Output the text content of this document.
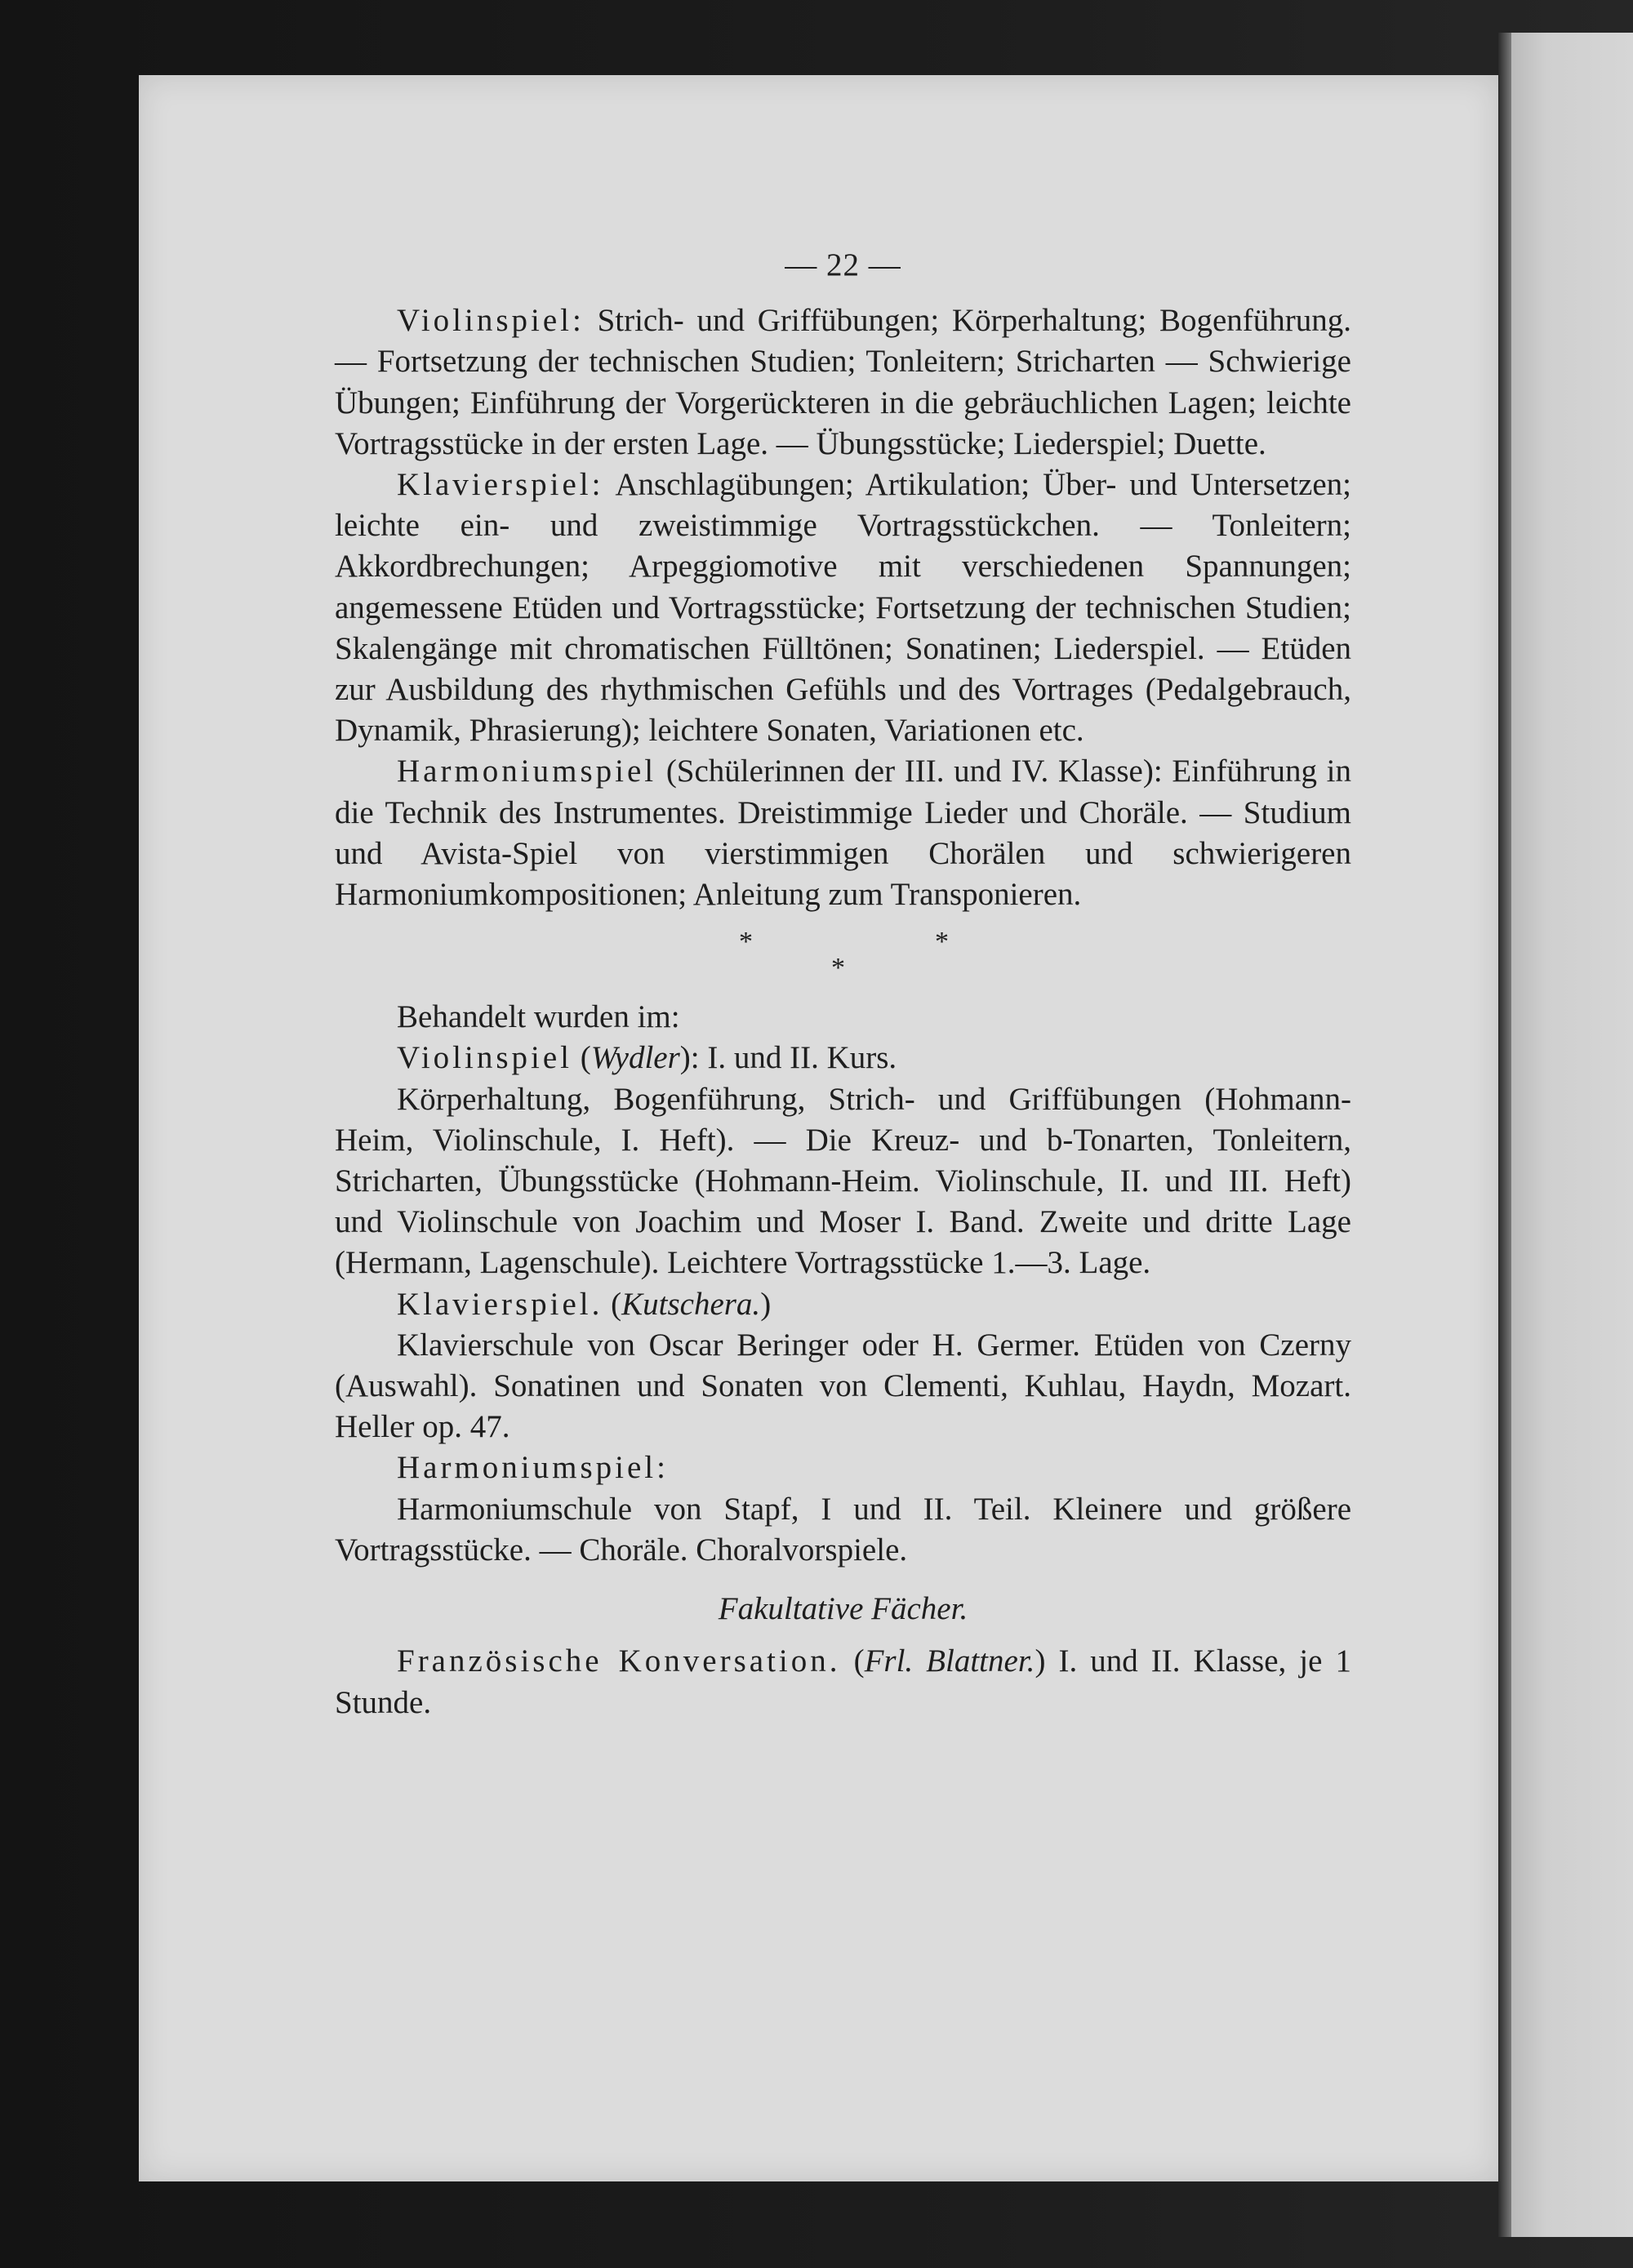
— 22 —

Violinspiel: Strich- und Griffübungen; Körperhaltung; Bogenführung. — Fortsetzung der technischen Studien; Tonleitern; Stricharten — Schwierige Übungen; Einführung der Vorgerückteren in die gebräuchlichen Lagen; leichte Vortragsstücke in der ersten Lage. — Übungsstücke; Liederspiel; Duette.

Klavierspiel: Anschlagübungen; Artikulation; Über- und Untersetzen; leichte ein- und zweistimmige Vortragsstückchen. — Tonleitern; Akkordbrechungen; Arpeggiomotive mit verschiedenen Spannungen; angemessene Etüden und Vortragsstücke; Fortsetzung der technischen Studien; Skalengänge mit chromatischen Fülltönen; Sonatinen; Liederspiel. — Etüden zur Ausbildung des rhythmischen Gefühls und des Vortrages (Pedalgebrauch, Dynamik, Phrasierung); leichtere Sonaten, Variationen etc.

Harmoniumspiel (Schülerinnen der III. und IV. Klasse): Einführung in die Technik des Instrumentes. Dreistimmige Lieder und Choräle. — Studium und Avista-Spiel von vierstimmigen Chorälen und schwierigeren Harmoniumkompositionen; Anleitung zum Transponieren.

*
*
*

Behandelt wurden im:

Violinspiel (Wydler): I. und II. Kurs.

Körperhaltung, Bogenführung, Strich- und Griffübungen (Hohmann-Heim, Violinschule, I. Heft). — Die Kreuz- und b-Tonarten, Tonleitern, Stricharten, Übungsstücke (Hohmann-Heim. Violinschule, II. und III. Heft) und Violinschule von Joachim und Moser I. Band. Zweite und dritte Lage (Hermann, Lagenschule). Leichtere Vortragsstücke 1.—3. Lage.

Klavierspiel. (Kutschera.)

Klavierschule von Oscar Beringer oder H. Germer. Etüden von Czerny (Auswahl). Sonatinen und Sonaten von Clementi, Kuhlau, Haydn, Mozart. Heller op. 47.

Harmoniumspiel:

Harmoniumschule von Stapf, I und II. Teil. Kleinere und größere Vortragsstücke. — Choräle. Choralvorspiele.

Fakultative Fächer.

Französische Konversation. (Frl. Blattner.) I. und II. Klasse, je 1 Stunde.
